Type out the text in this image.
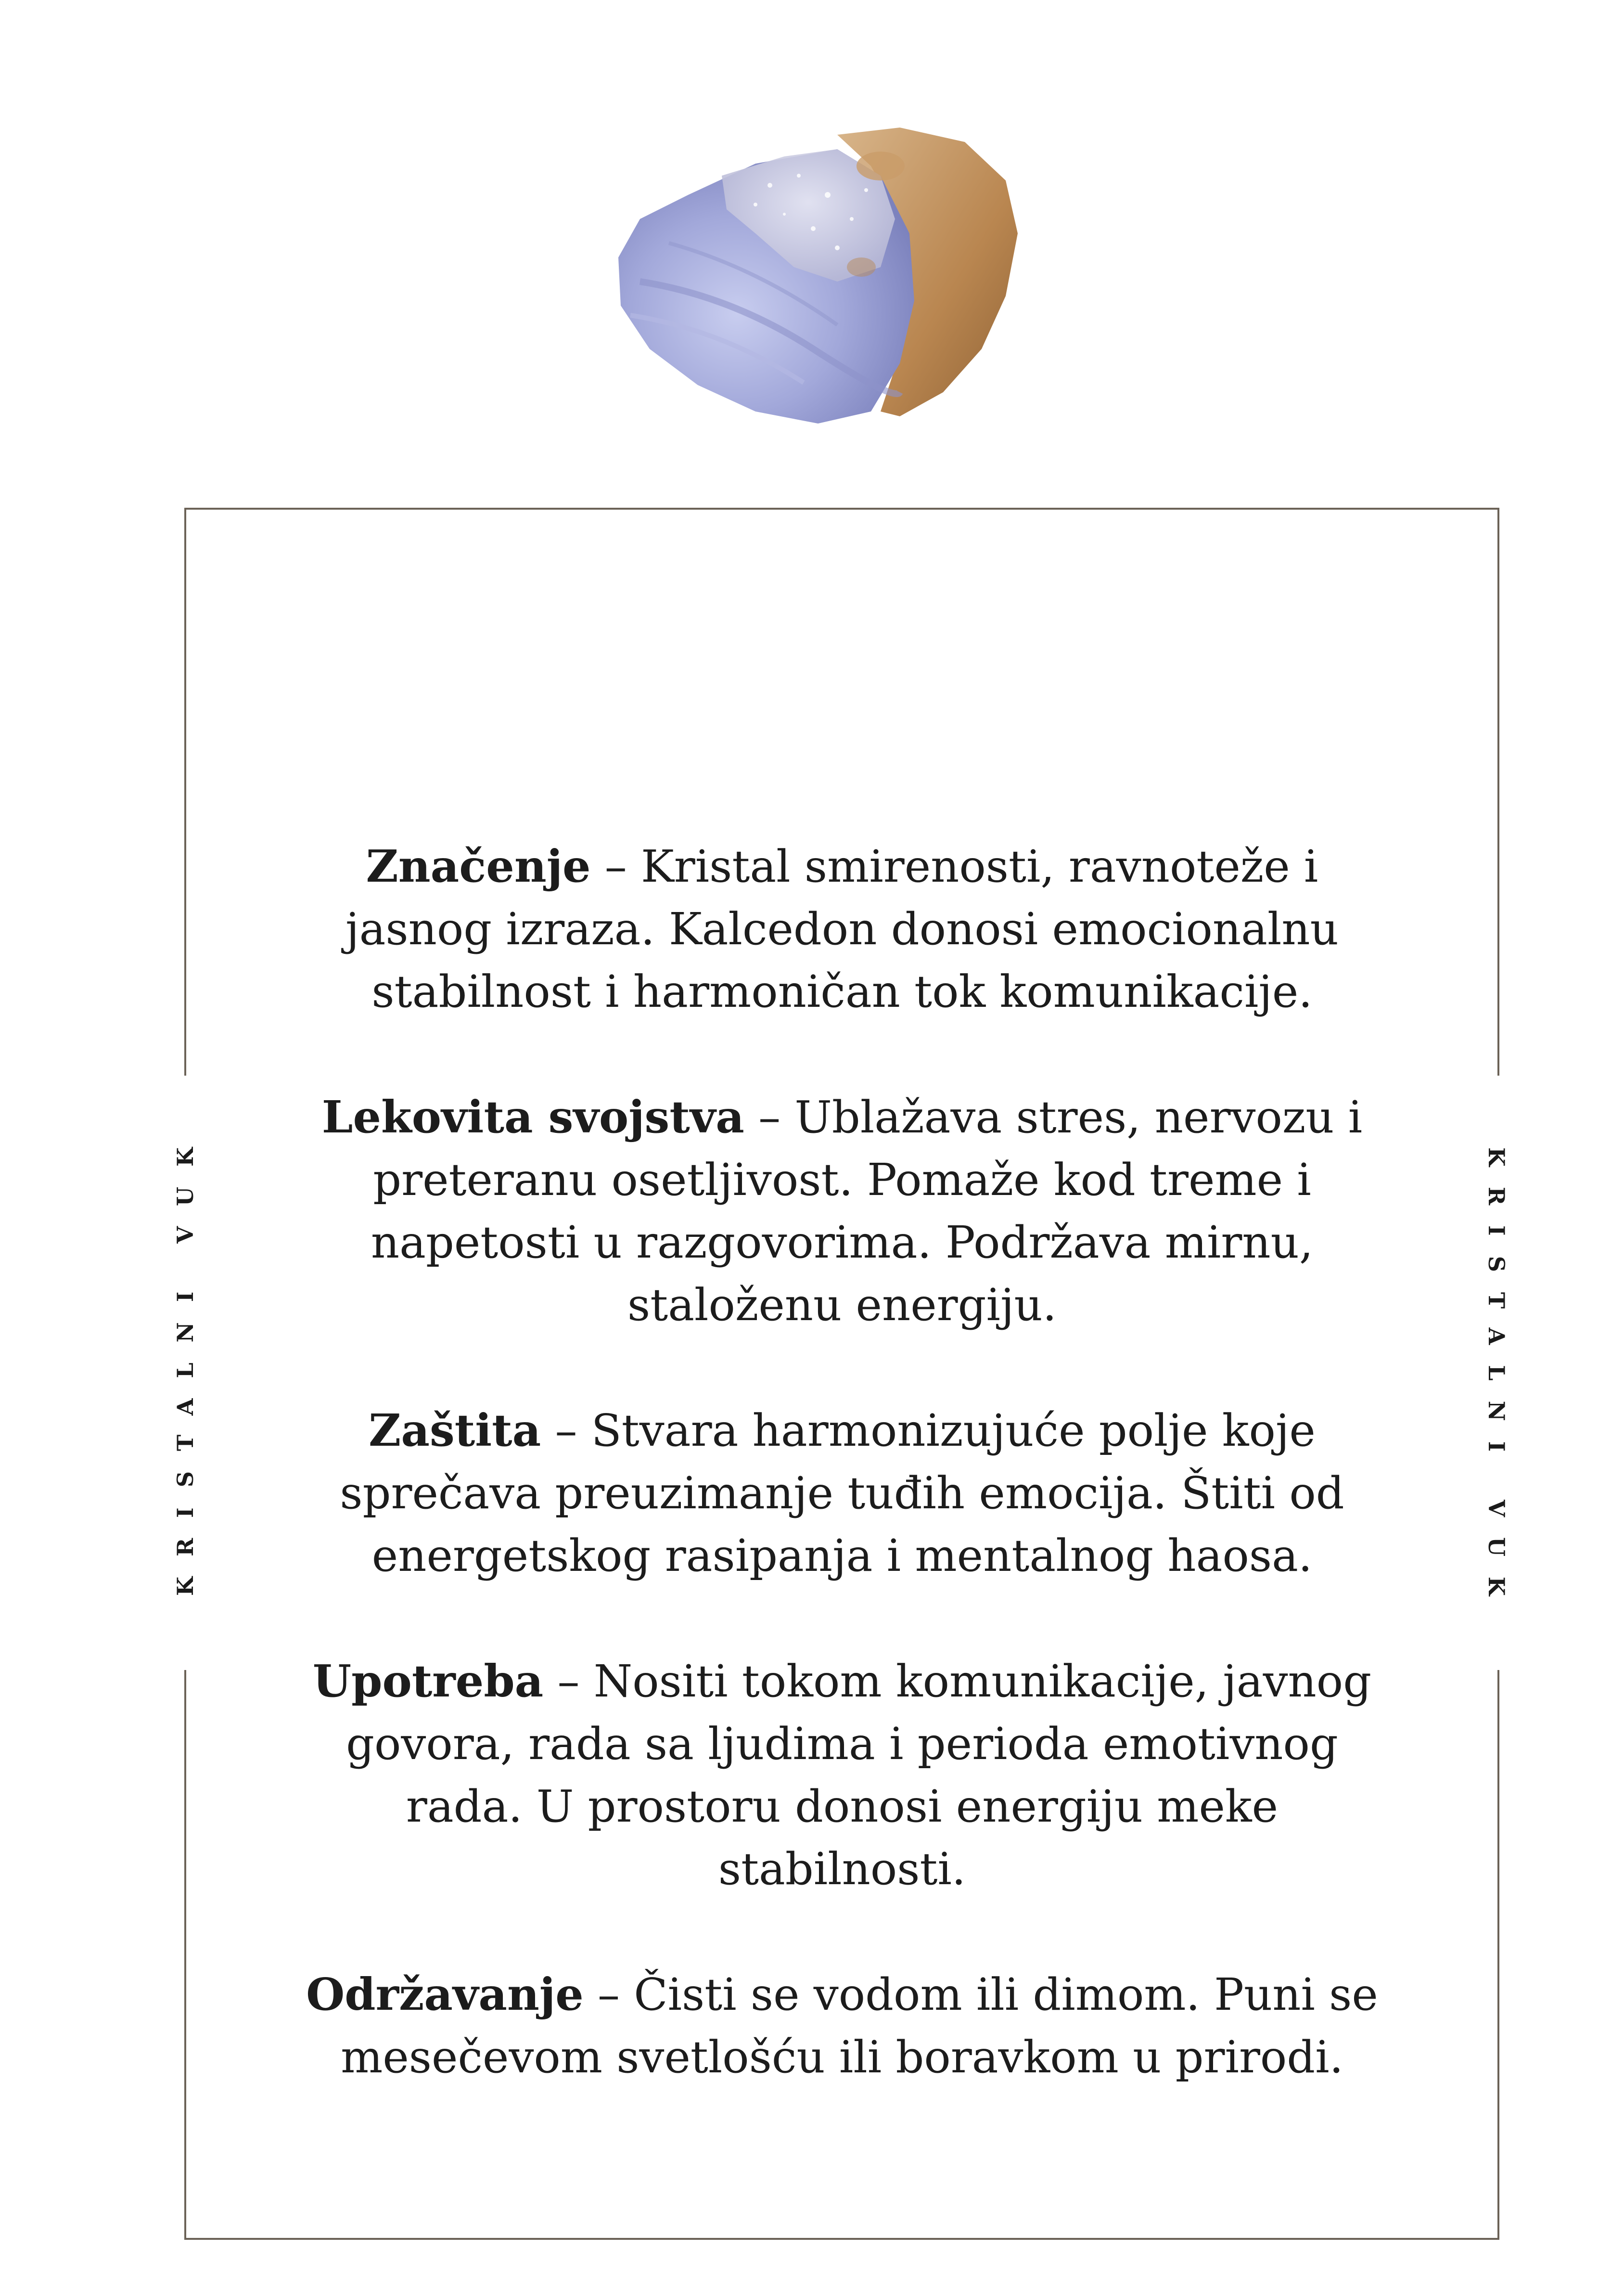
KRISTALNI VUK	KRISTALNI VUK

Značenje – Kristal smirenosti, ravnoteže i jasnog izraza. Kalcedon donosi emocionalnu stabilnost i harmoničan tok komunikacije.

Lekovita svojstva – Ublažava stres, nervozu i preteranu osetljivost. Pomaže kod treme i napetosti u razgovorima. Podržava mirnu, staloženu energiju.

Zaštita – Stvara harmonizujuće polje koje sprečava preuzimanje tuđih emocija. Štiti od energetskog rasipanja i mentalnog haosa.

Upotreba – Nositi tokom komunikacije, javnog govora, rada sa ljudima i perioda emotivnog rada. U prostoru donosi energiju meke stabilnosti.

Održavanje – Čisti se vodom ili dimom. Puni se mesečevom svetlošću ili boravkom u prirodi.
